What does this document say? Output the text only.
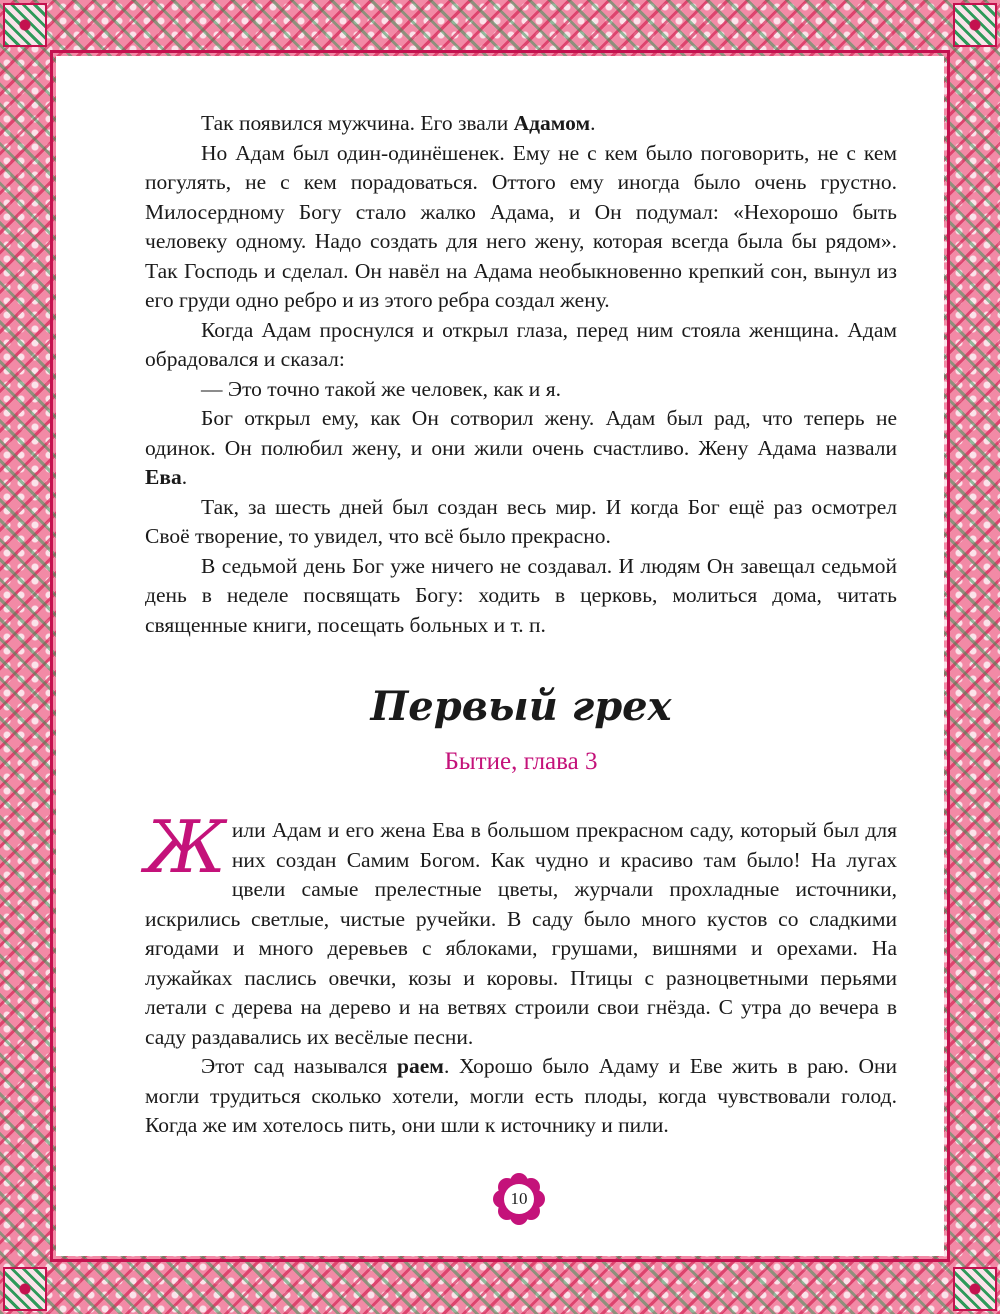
Так появился мужчина. Его звали Адамом.

Но Адам был один-одинёшенек. Ему не с кем было поговорить, не с кем погулять, не с кем порадоваться. Оттого ему иногда было очень грустно. Милосердному Богу стало жалко Адама, и Он подумал: «Нехорошо быть человеку одному. Надо создать для него жену, которая всегда была бы рядом». Так Господь и сделал. Он навёл на Адама необыкновенно крепкий сон, вынул из его груди одно ребро и из этого ребра создал жену.

Когда Адам проснулся и открыл глаза, перед ним стояла женщина. Адам обрадовался и сказал:

— Это точно такой же человек, как и я.

Бог открыл ему, как Он сотворил жену. Адам был рад, что теперь не одинок. Он полюбил жену, и они жили очень счастливо. Жену Адама назвали Ева.

Так, за шесть дней был создан весь мир. И когда Бог ещё раз осмотрел Своё творение, то увидел, что всё было прекрасно.

В седьмой день Бог уже ничего не создавал. И людям Он завещал седьмой день в неделе посвящать Богу: ходить в церковь, молиться дома, читать священные книги, посещать больных и т. п.

Первый грех
Бытие, глава 3

Жили Адам и его жена Ева в большом прекрасном саду, который был для них создан Самим Богом. Как чудно и красиво там было! На лугах цвели самые прелестные цветы, журчали прохладные источники, искрились светлые, чистые ручейки. В саду было много кустов со сладкими ягодами и много деревьев с яблоками, грушами, вишнями и орехами. На лужайках паслись овечки, козы и коровы. Птицы с разноцветными перьями летали с дерева на дерево и на ветвях строили свои гнёзда. С утра до вечера в саду раздавались их весёлые песни.

Этот сад назывался раем. Хорошо было Адаму и Еве жить в раю. Они могли трудиться сколько хотели, могли есть плоды, когда чувствовали голод. Когда же им хотелось пить, они шли к источнику и пили.

10
